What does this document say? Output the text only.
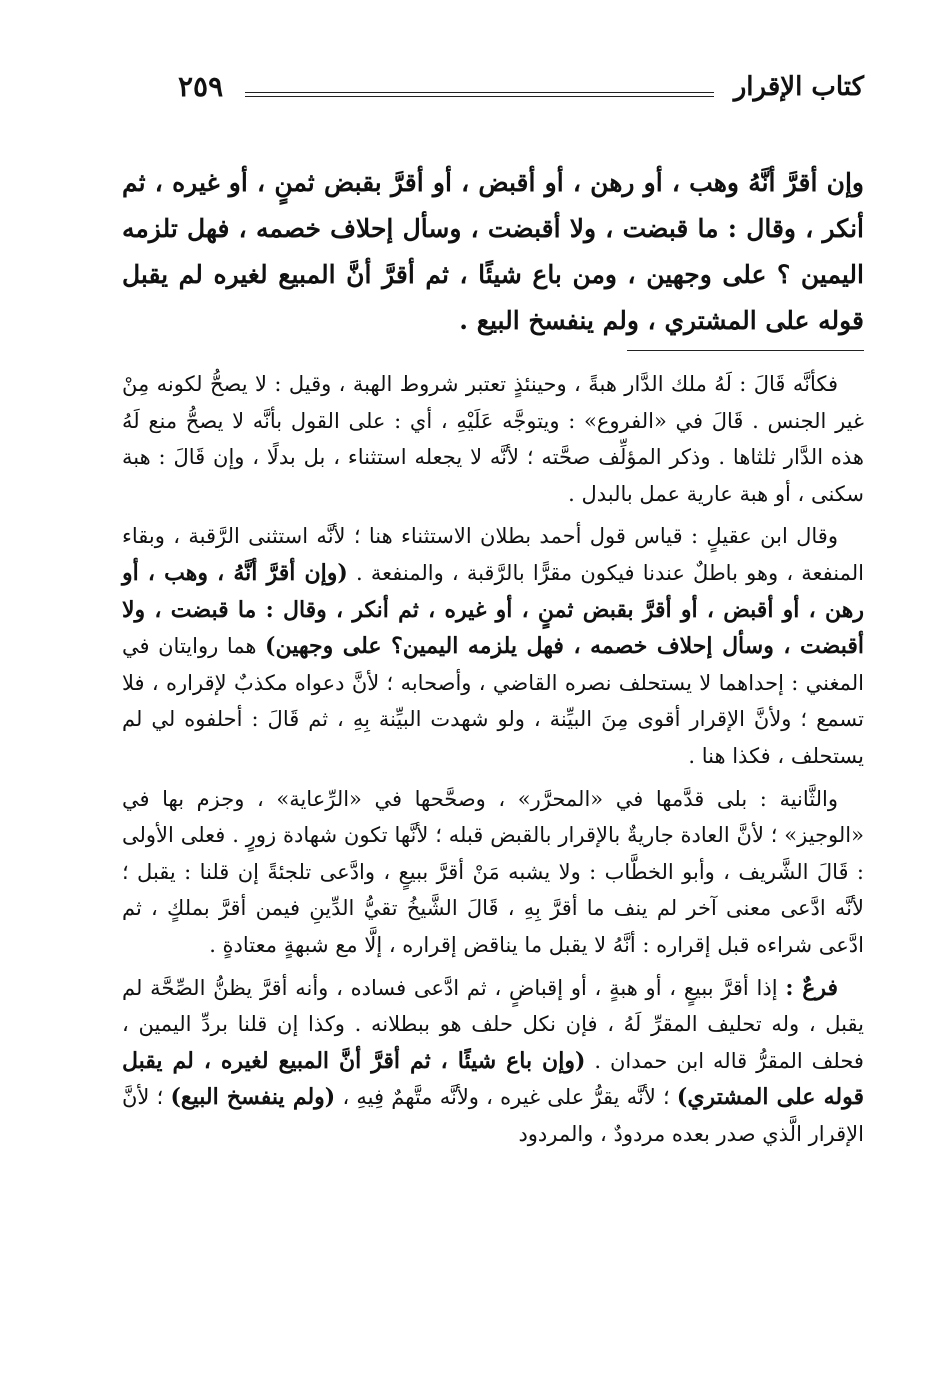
٢٥٩	كتاب الإقرار
وإن أقرَّ أنَّهُ وهب ، أو رهن ، أو أقبض ، أو أقرَّ بقبض ثمنٍ ، أو غيره ، ثم أنكر ، وقال : ما قبضت ، ولا أقبضت ، وسأل إحلاف خصمه ، فهل تلزمه اليمين ؟ على وجهين ، ومن باع شيئًا ، ثم أقرَّ أنَّ المبيع لغيره لم يقبل قوله على المشتري ، ولم ينفسخ البيع .

فكأنَّه قَالَ : لَهُ ملك الدَّار هبةً ، وحينئذٍ تعتبر شروط الهبة ، وقيل : لا يصحُّ لكونه مِنْ غير الجنس . قَالَ في «الفروع» : ويتوجَّه عَلَيْهِ ، أي : على القول بأنَّه لا يصحُّ منع لَهُ هذه الدَّار ثلثاها . وذكر المؤلِّف صحَّته ؛ لأنَّه لا يجعله استثناء ، بل بدلًا ، وإن قَالَ : هبة سكنى ، أو هبة عارية عمل بالبدل .

وقال ابن عقيلٍ : قياس قول أحمد بطلان الاستثناء هنا ؛ لأنَّه استثنى الرَّقبة ، وبقاء المنفعة ، وهو باطلٌ عندنا فيكون مقرًّا بالرَّقبة ، والمنفعة . (وإن أقرَّ أنَّهُ ، وهب ، أو رهن ، أو أقبض ، أو أقرَّ بقبض ثمنٍ ، أو غيره ، ثم أنكر ، وقال : ما قبضت ، ولا أقبضت ، وسأل إحلاف خصمه ، فهل يلزمه اليمين؟ على وجهين) هما روايتان في المغني : إحداهما لا يستحلف نصره القاضي ، وأصحابه ؛ لأنَّ دعواه مكذبٌ لإقراره ، فلا تسمع ؛ ولأنَّ الإقرار أقوى مِنَ البيِّنة ، ولو شهدت البيِّنة بِهِ ، ثم قَالَ : أحلفوه لي لم يستحلف ، فكذا هنا .

والثَّانية : بلى قدَّمها في «المحرَّر» ، وصحَّحها في «الرِّعاية» ، وجزم بها في «الوجيز» ؛ لأنَّ العادة جاريةٌ بالإقرار بالقبض قبله ؛ لأنَّها تكون شهادة زورٍ . فعلى الأولى : قَالَ الشَّريف ، وأبو الخطَّاب : ولا يشبه مَنْ أقرَّ ببيعٍ ، وادَّعى تلجئةً إن قلنا : يقبل ؛ لأنَّه ادَّعى معنى آخر لم ينف ما أقرَّ بِهِ ، قَالَ الشَّيخُ تقيُّ الدِّينِ فيمن أقرَّ بملكٍ ، ثم ادَّعى شراءه قبل إقراره : أنَّهُ لا يقبل ما يناقض إقراره ، إلَّا مع شبهةٍ معتادةٍ .

فرعٌ : إذا أقرَّ ببيعٍ ، أو هبةٍ ، أو إقباضٍ ، ثم ادَّعى فساده ، وأنه أقرَّ يظنُّ الصِّحَّة لم يقبل ، وله تحليف المقرِّ لَهُ ، فإن نكل حلف هو ببطلانه . وكذا إن قلنا بردِّ اليمين ، فحلف المقرُّ قاله ابن حمدان . (وإن باع شيئًا ، ثم أقرَّ أنَّ المبيع لغيره ، لم يقبل قوله على المشتري) ؛ لأنَّه يقرُّ على غيره ، ولأنَّه متَّهمٌ فِيهِ ، (ولم ينفسخ البيع) ؛ لأنَّ الإقرار الَّذي صدر بعده مردودٌ ، والمردود
